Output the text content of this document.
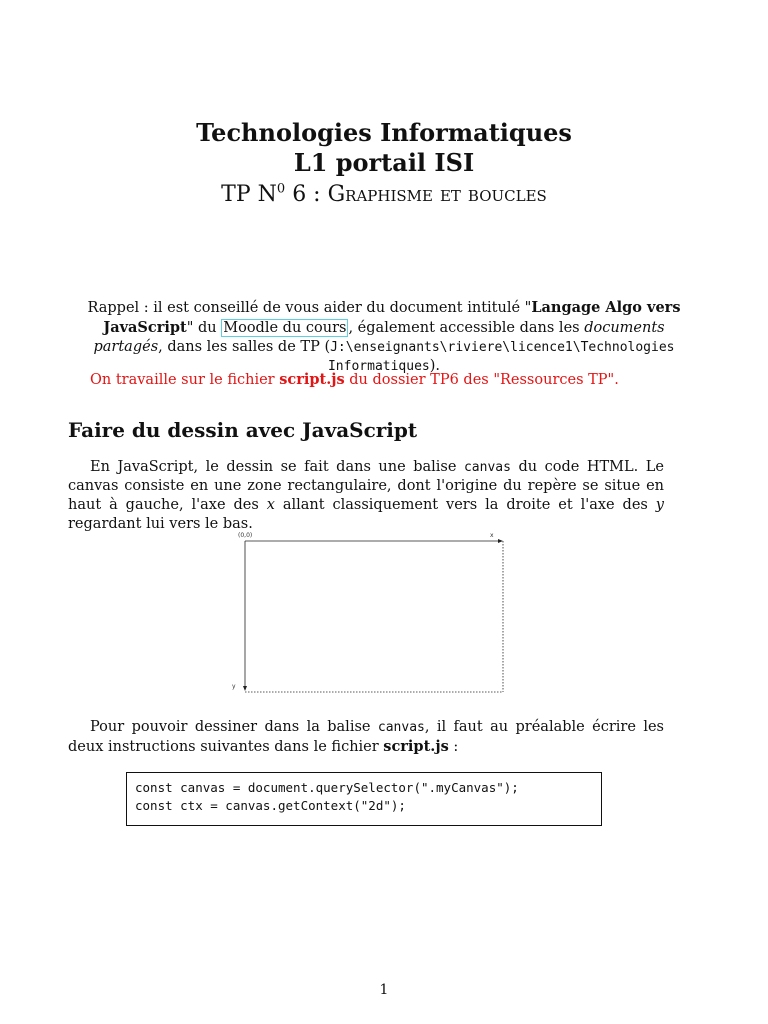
Technologies Informatiques
L1 portail ISI
TP $N^0$ 6 : Graphisme et boucles
Rappel : il est conseillé de vous aider du document intitulé "Langage Algo vers JavaScript" du Moodle du cours , également accessible dans les documents partagés, dans les salles de TP (J:\enseignants\riviere\licence1\Technologies Informatiques).
On travaille sur le fichier script.js du dossier TP6 des "Ressources TP".
Faire du dessin avec JavaScript
En JavaScript, le dessin se fait dans une balise canvas du code HTML. Le canvas consiste en une zone rectangulaire, dont l'origine du repère se situe en haut à gauche, l'axe des x allant classiquement vers la droite et l'axe des y regardant lui vers le bas.
(0,0)	x
y
Pour pouvoir dessiner dans la balise canvas, il faut au préalable écrire les deux instructions suivantes dans le fichier script.js :
const canvas = document.querySelector(".myCanvas");
const ctx = canvas.getContext("2d");
1
